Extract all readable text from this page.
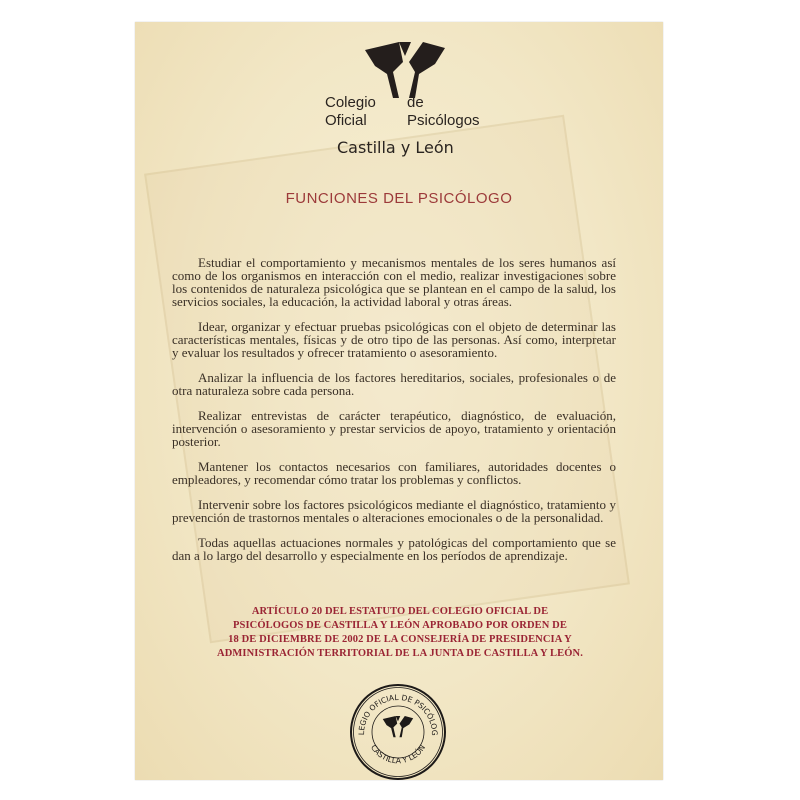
Colegio
Oficial
de
Psicólogos
Castilla y León
FUNCIONES DEL PSICÓLOGO

Estudiar el comportamiento y mecanismos mentales de los seres humanos así como de los organismos en interacción con el medio, realizar investigaciones sobre los contenidos de naturaleza psicológica que se plantean en el campo de la salud, los servicios sociales, la educación, la actividad laboral y otras áreas.

Idear, organizar y efectuar pruebas psicológicas con el objeto de determinar las características mentales, físicas y de otro tipo de las personas. Así como, interpretar y evaluar los resultados y ofrecer tratamiento o asesoramiento.

Analizar la influencia de los factores hereditarios, sociales, profesionales o de otra naturaleza sobre cada persona.

Realizar entrevistas de carácter terapéutico, diagnóstico, de evaluación, intervención o asesoramiento y prestar servicios de apoyo, tratamiento y orientación posterior.

Mantener los contactos necesarios con familiares, autoridades docentes o empleadores, y recomendar cómo tratar los problemas y conflictos.

Intervenir sobre los factores psicológicos mediante el diagnóstico, tratamiento y prevención de trastornos mentales o alteraciones emocionales o de la personalidad.

Todas aquellas actuaciones normales y patológicas del comportamiento que se dan a lo largo del desarrollo y especialmente en los períodos de aprendizaje.

ARTÍCULO 20 DEL ESTATUTO DEL COLEGIO OFICIAL DE
PSICÓLOGOS DE CASTILLA Y LEÓN APROBADO POR ORDEN DE
18 DE DICIEMBRE DE 2002 DE LA CONSEJERÍA DE PRESIDENCIA Y
ADMINISTRACIÓN TERRITORIAL DE LA JUNTA DE CASTILLA Y LEÓN.
LEGIO OFICIAL DE PSICÓLOG
CASTILLA Y LEÓN
